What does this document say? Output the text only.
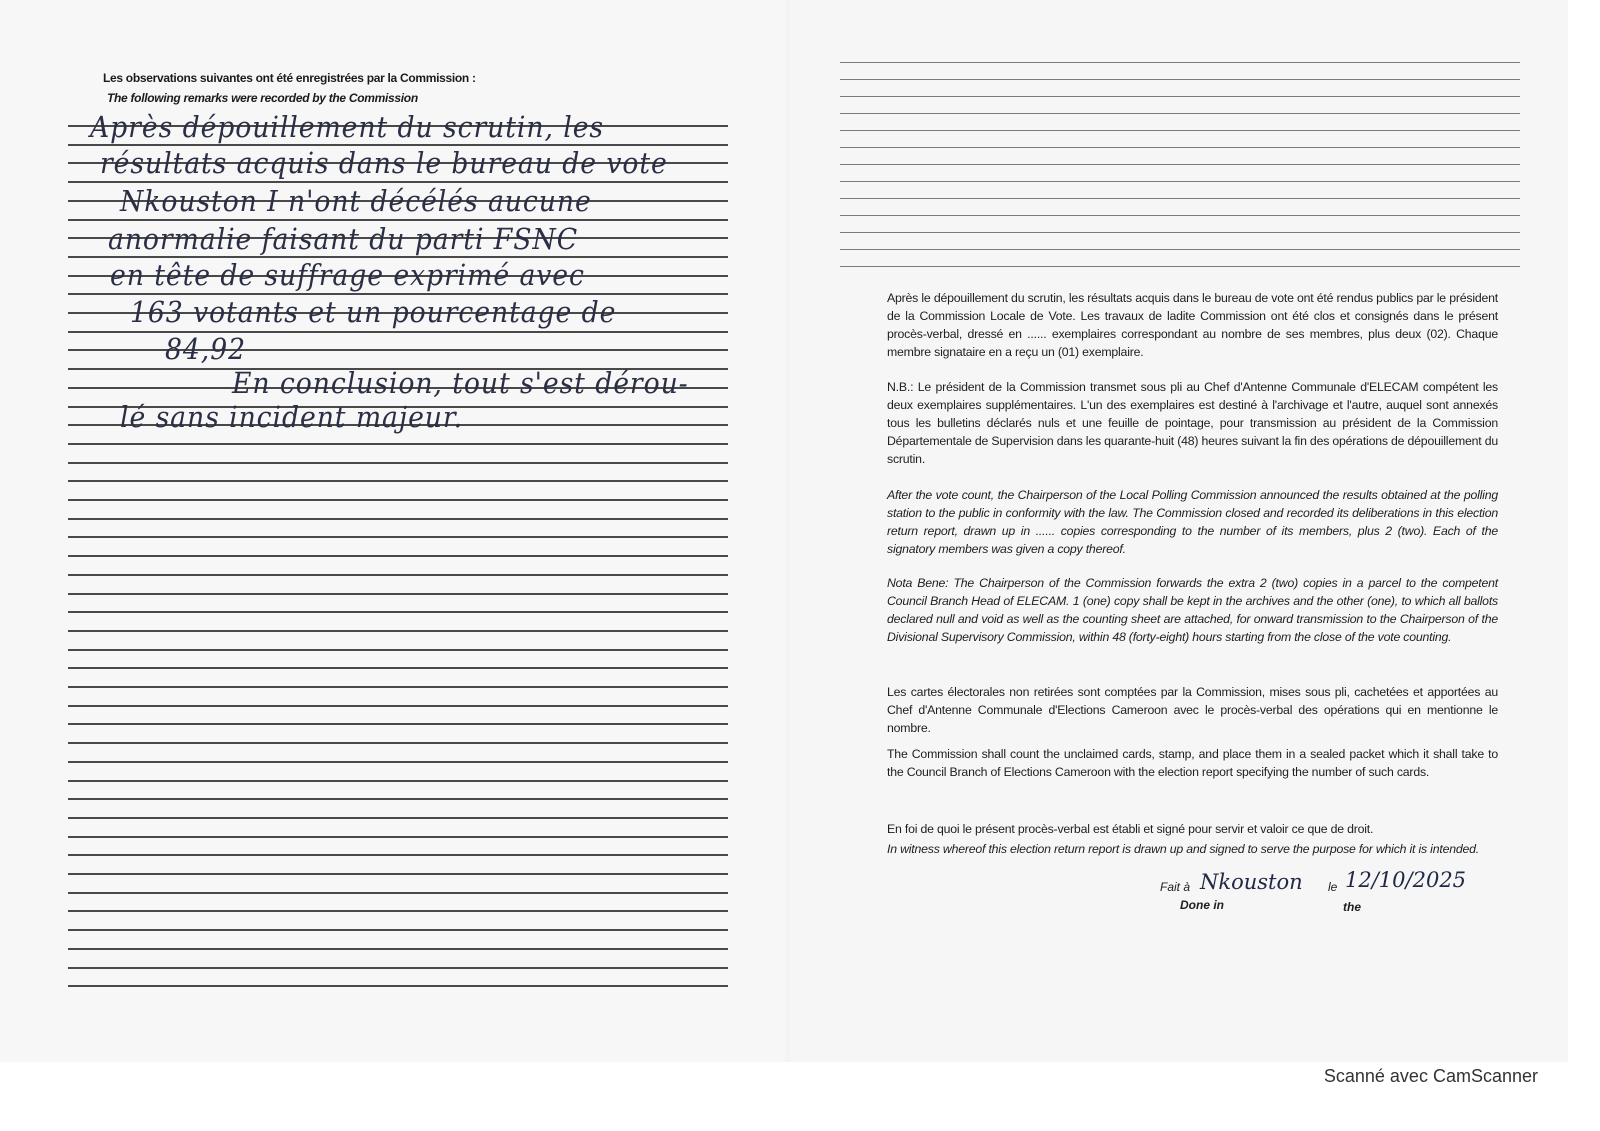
Les observations suivantes ont été enregistrées par la Commission :
The following remarks were recorded by the Commission
Après dépouillement du scrutin, les
résultats acquis dans le bureau de vote
Nkouston I n'ont décélés aucune
anormalie faisant du parti FSNC
en tête de suffrage exprimé avec
163 votants et un pourcentage de
84,92
En conclusion, tout s'est dérou-
lé sans incident majeur.
Après le dépouillement du scrutin, les résultats acquis dans le bureau de vote ont été rendus publics par le président de la Commission Locale de Vote. Les travaux de ladite Commission ont été clos et consignés dans le présent procès-verbal, dressé en ...... exemplaires correspondant au nombre de ses membres, plus deux (02). Chaque membre signataire en a reçu un (01) exemplaire.
N.B.: Le président de la Commission transmet sous pli au Chef d'Antenne Communale d'ELECAM compétent les deux exemplaires supplémentaires. L'un des exemplaires est destiné à l'archivage et l'autre, auquel sont annexés tous les bulletins déclarés nuls et une feuille de pointage, pour transmission au président de la Commission Départementale de Supervision dans les quarante-huit (48) heures suivant la fin des opérations de dépouillement du scrutin.
After the vote count, the Chairperson of the Local Polling Commission announced the results obtained at the polling station to the public in conformity with the law. The Commission closed and recorded its deliberations in this election return report, drawn up in ...... copies corresponding to the number of its members, plus 2 (two). Each of the signatory members was given a copy thereof.
Nota Bene: The Chairperson of the Commission forwards the extra 2 (two) copies in a parcel to the competent Council Branch Head of ELECAM. 1 (one) copy shall be kept in the archives and the other (one), to which all ballots declared null and void as well as the counting sheet are attached, for onward transmission to the Chairperson of the Divisional Supervisory Commission, within 48 (forty-eight) hours starting from the close of the vote counting.
Les cartes électorales non retirées sont comptées par la Commission, mises sous pli, cachetées et apportées au Chef d'Antenne Communale d'Elections Cameroon avec le procès-verbal des opérations qui en mentionne le nombre.
The Commission shall count the unclaimed cards, stamp, and place them in a sealed packet which it shall take to the Council Branch of Elections Cameroon with the election report specifying the number of such cards.
En foi de quoi le présent procès-verbal est établi et signé pour servir et valoir ce que de droit.
In witness whereof this election return report is drawn up and signed to serve the purpose for which it is intended.
Fait à
Done in
Nkouston le
the
12/10/2025
Scanné avec CamScanner
